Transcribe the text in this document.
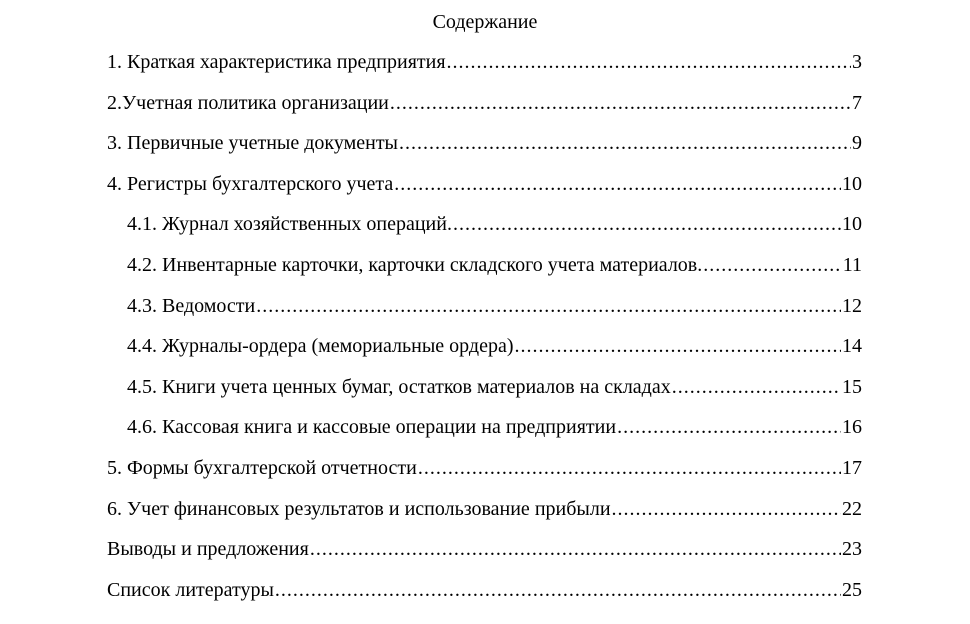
Содержание
1. Краткая характеристика предприятия .....	3
2.Учетная политика организации .....	7
3. Первичные учетные документы .....	9
4. Регистры бухгалтерского учета .....	10
4.1. Журнал хозяйственных операций. .....	10
4.2. Инвентарные карточки, карточки складского учета материалов. .....	11
4.3. Ведомости .....	12
4.4. Журналы-ордера (мемориальные ордера) .....	14
4.5. Книги учета ценных бумаг, остатков материалов на складах .....	15
4.6. Кассовая книга и кассовые операции на предприятии .....	16
5. Формы бухгалтерской отчетности .....	17
6. Учет финансовых результатов и использование прибыли .....	22
Выводы и предложения .....	23
Список литературы .....	25
